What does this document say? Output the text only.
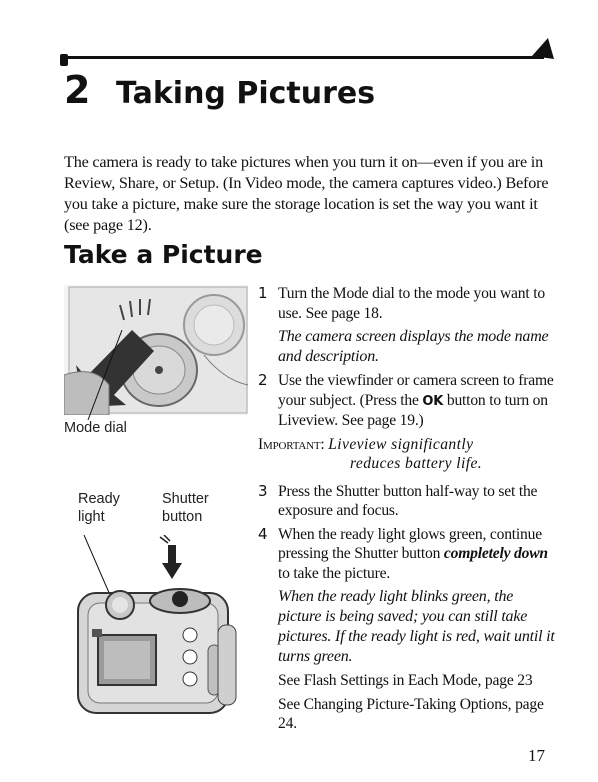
2 Taking Pictures

The camera is ready to take pictures when you turn it on—even if you are in Review, Share, or Setup. (In Video mode, the camera captures video.) Before you take a picture, make sure the storage location is set the way you want it (see page 12).

Take a Picture
Mode dial
Ready light
Shutter button
1 Turn the Mode dial to the mode you want to use. See page 18.
The camera screen displays the mode name and description.
2 Use the viewfinder or camera screen to frame your subject. (Press the OK button to turn on Liveview. See page 19.)
Important: Liveview significantly
reduces battery life.
3 Press the Shutter button half-way to set the exposure and focus.
4 When the ready light glows green, continue pressing the Shutter button completely down to take the picture.
When the ready light blinks green, the picture is being saved; you can still take pictures. If the ready light is red, wait until it turns green.
See Flash Settings in Each Mode, page 23
See Changing Picture-Taking Options, page 24.
17
